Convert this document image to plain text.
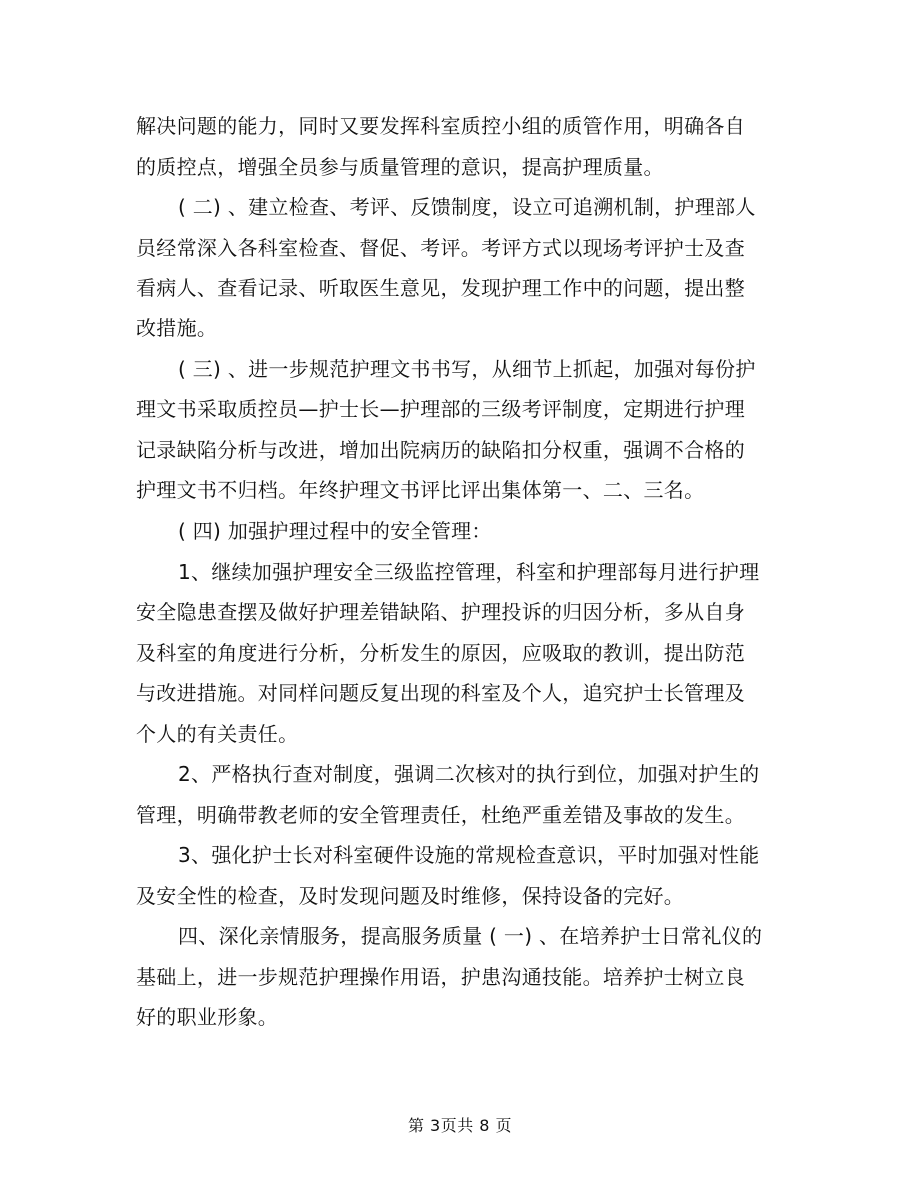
解决问题的能力，同时又要发挥科室质控小组的质管作用，明确各自

的质控点，增强全员参与质量管理的意识，提高护理质量。

( 二) 、建立检查、考评、反馈制度，设立可追溯机制，护理部人

员经常深入各科室检查、督促、考评。考评方式以现场考评护士及查

看病人、查看记录、听取医生意见，发现护理工作中的问题，提出整

改措施。

( 三) 、进一步规范护理文书书写，从细节上抓起，加强对每份护

理文书采取质控员—护士长—护理部的三级考评制度，定期进行护理

记录缺陷分析与改进，增加出院病历的缺陷扣分权重，强调不合格的

护理文书不归档。年终护理文书评比评出集体第一、二、三名。

( 四) 加强护理过程中的安全管理：

1、继续加强护理安全三级监控管理，科室和护理部每月进行护理

安全隐患查摆及做好护理差错缺陷、护理投诉的归因分析，多从自身

及科室的角度进行分析，分析发生的原因，应吸取的教训，提出防范

与改进措施。对同样问题反复出现的科室及个人，追究护士长管理及

个人的有关责任。

2、严格执行查对制度，强调二次核对的执行到位，加强对护生的

管理，明确带教老师的安全管理责任，杜绝严重差错及事故的发生。

3、强化护士长对科室硬件设施的常规检查意识，平时加强对性能

及安全性的检查，及时发现问题及时维修，保持设备的完好。

四、深化亲情服务，提高服务质量 ( 一) 、在培养护士日常礼仪的

基础上，进一步规范护理操作用语，护患沟通技能。培养护士树立良

好的职业形象。

第 3页共 8 页
